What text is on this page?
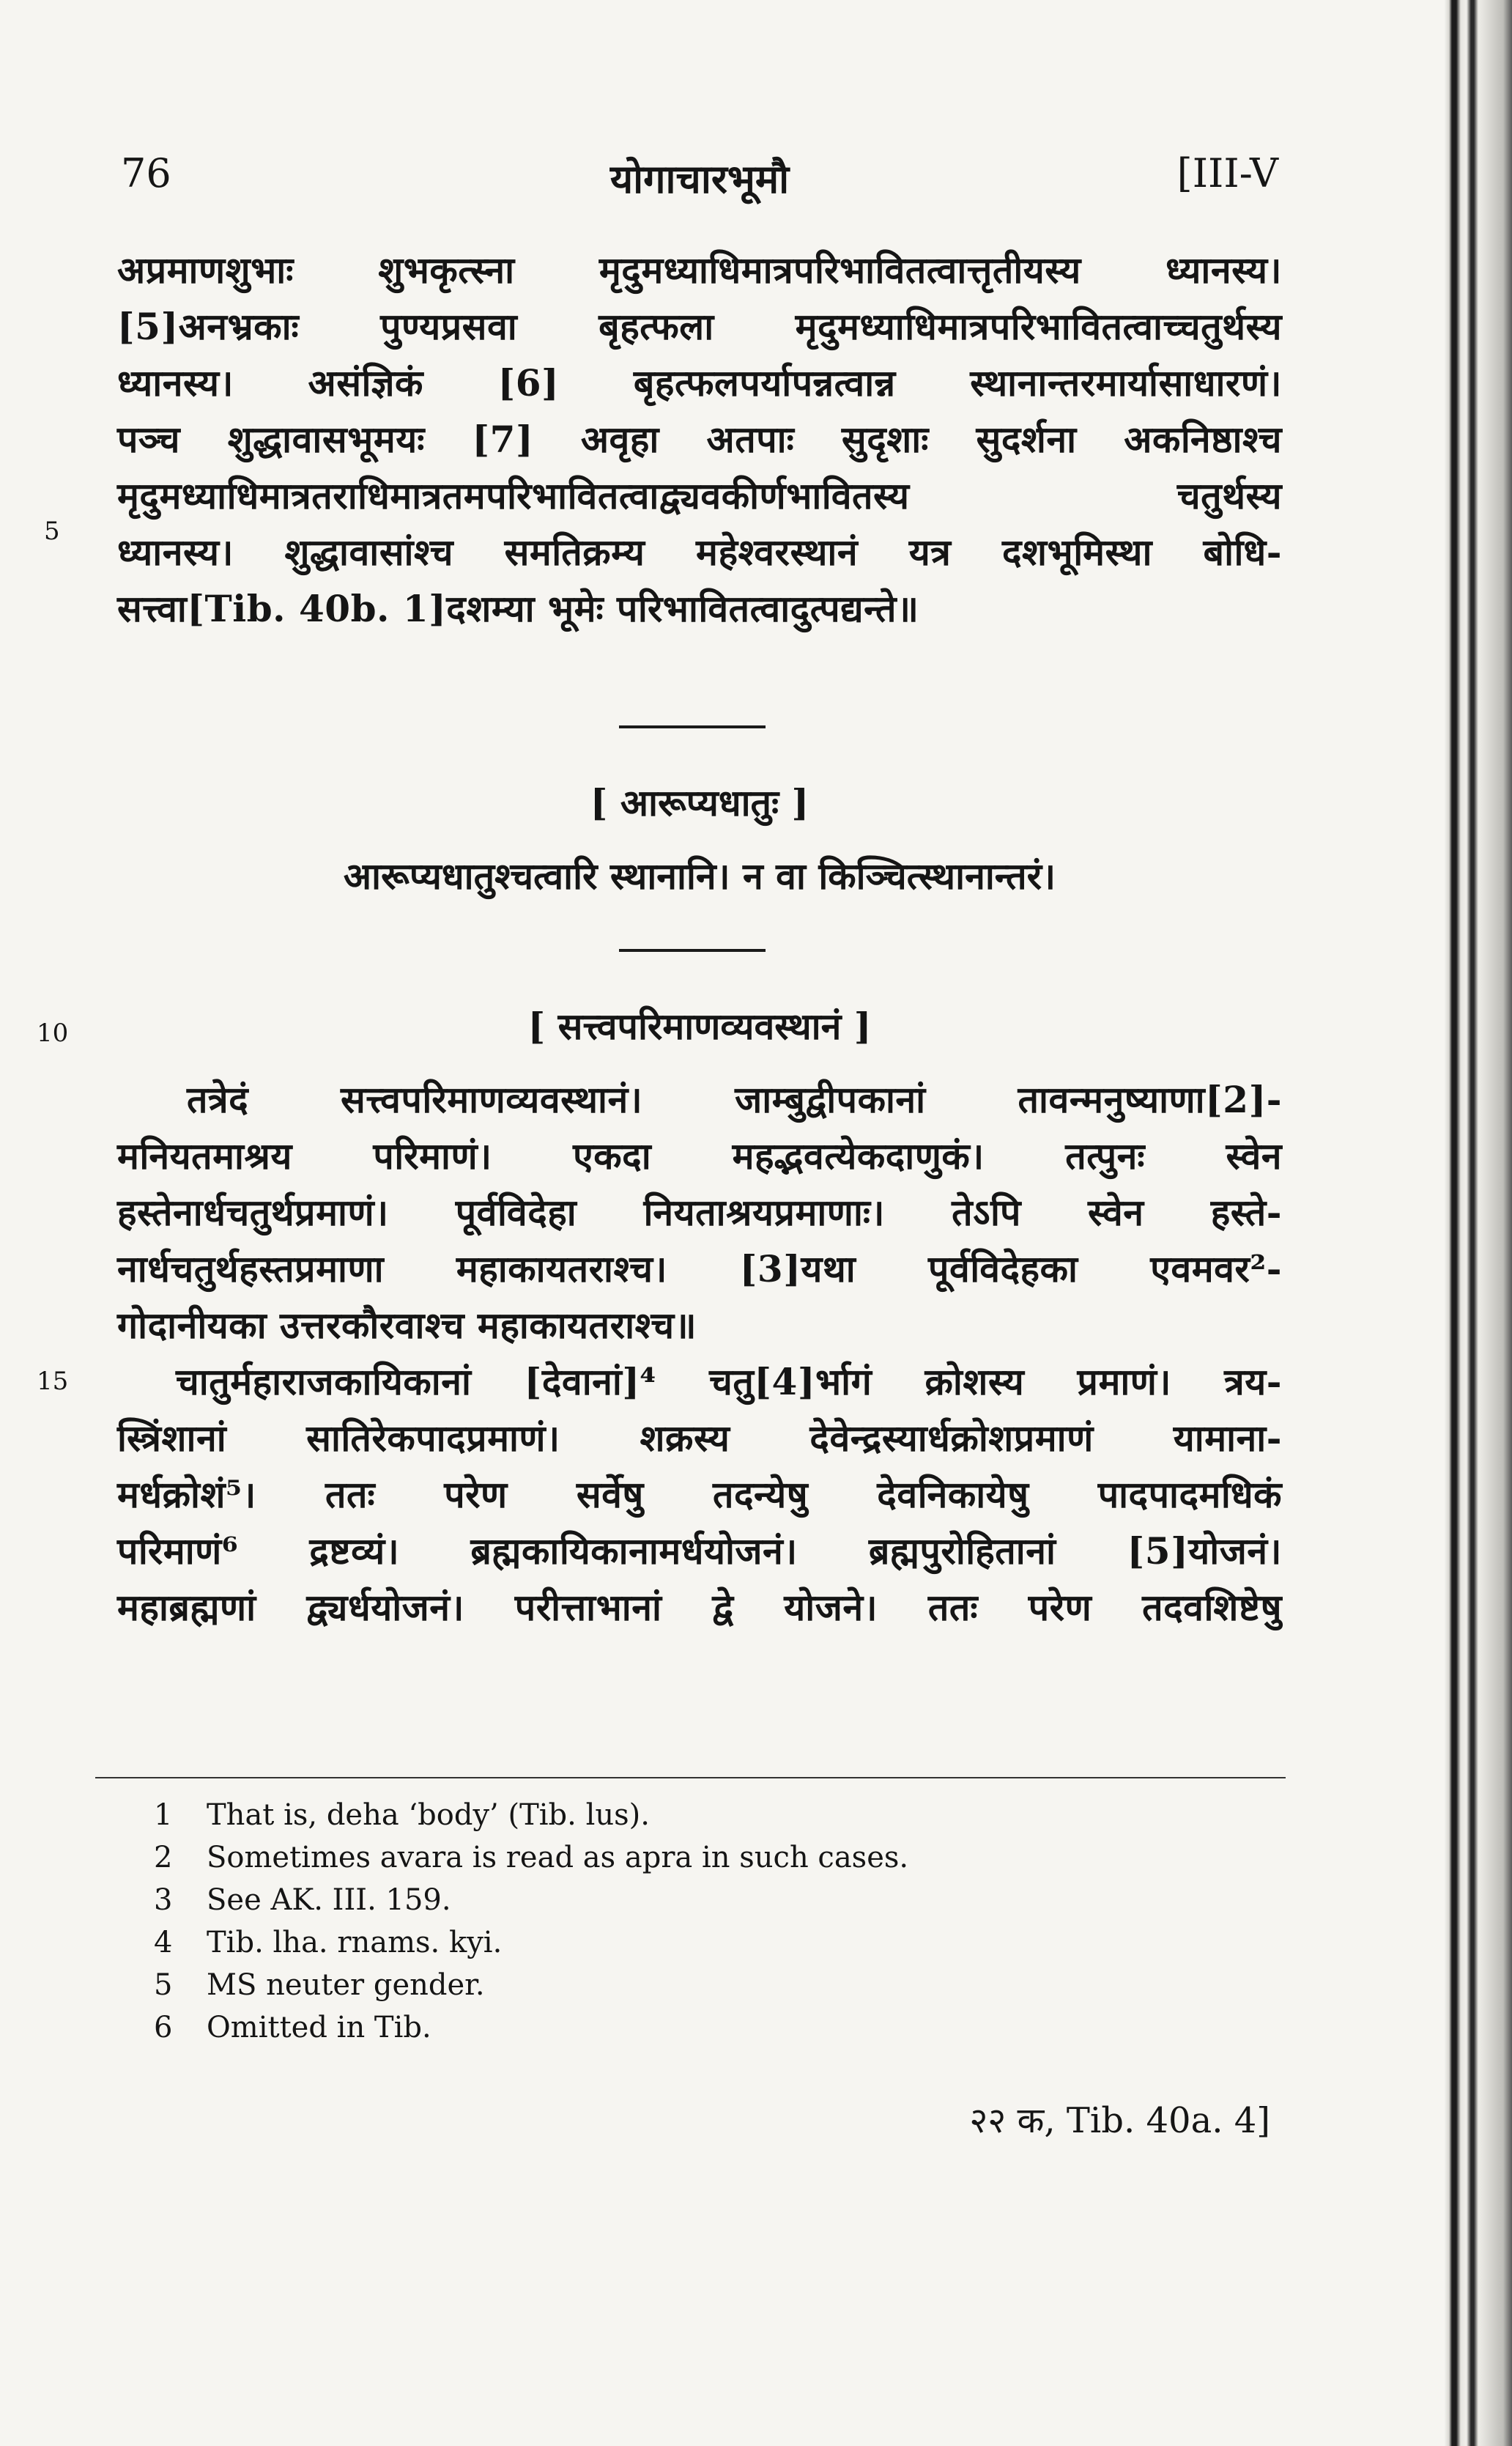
76	योगाचारभूमौ	[III-V
अप्रमाणशुभाः शुभकृत्स्ना मृदुमध्याधिमात्रपरिभावितत्वात्तृतीयस्य ध्यानस्य।
[5]अनभ्रकाः पुण्यप्रसवा बृहत्फला मृदुमध्याधिमात्रपरिभावितत्वाच्चतुर्थस्य
ध्यानस्य। असंज्ञिकं [6] बृहत्फलपर्यापन्नत्वान्न स्थानान्तरमार्यासाधारणं।
पञ्च शुद्धावासभूमयः [7] अवृहा अतपाः सुदृशाः सुदर्शना अकनिष्ठाश्च
मृदुमध्याधिमात्रतराधिमात्रतमपरिभावितत्वाद्व्यवकीर्णभावितस्य चतुर्थस्य
ध्यानस्य। शुद्धावासांश्च समतिक्रम्य महेश्वरस्थानं यत्र दशभूमिस्था बोधि-
सत्त्वा[Tib. 40b. 1]दशम्या भूमेः परिभावितत्वादुत्पद्यन्ते॥
5
[ आरूप्यधातुः ]
आरूप्यधातुश्चत्वारि स्थानानि। न वा किञ्चित्स्थानान्तरं।
[ सत्त्वपरिमाणव्यवस्थानं ]
10
तत्रेदं सत्त्वपरिमाणव्यवस्थानं। जाम्बुद्वीपकानां तावन्मनुष्याणा[2]-
मनियतमाश्रय परिमाणं। एकदा महद्भवत्येकदाणुकं। तत्पुनः स्वेन
हस्तेनार्धचतुर्थप्रमाणं। पूर्वविदेहा नियताश्रयप्रमाणाः। तेऽपि स्वेन हस्ते-
नार्धचतुर्थहस्तप्रमाणा महाकायतराश्च। [3]यथा पूर्वविदेहका एवमवर²-
गोदानीयका उत्तरकौरवाश्च महाकायतराश्च॥
15	चातुर्महाराजकायिकानां [देवानां]⁴ चतु[4]र्भागं क्रोशस्य प्रमाणं। त्रय-
स्त्रिंशानां सातिरेकपादप्रमाणं। शक्रस्य देवेन्द्रस्यार्धक्रोशप्रमाणं यामाना-
मर्धक्रोशं⁵। ततः परेण सर्वेषु तदन्येषु देवनिकायेषु पादपादमधिकं
परिमाणं⁶ द्रष्टव्यं। ब्रह्मकायिकानामर्धयोजनं। ब्रह्मपुरोहितानां [5]योजनं।
महाब्रह्मणां द्व्यर्धयोजनं। परीत्ताभानां द्वे योजने। ततः परेण तदवशिष्टेषु
1 That is, deha ‘body’ (Tib. lus).
2 Sometimes avara is read as apra in such cases.
3 See AK. III. 159.
4 Tib. lha. rnams. kyi.
5 MS neuter gender.
6 Omitted in Tib.
२२ क, Tib. 40a. 4]
